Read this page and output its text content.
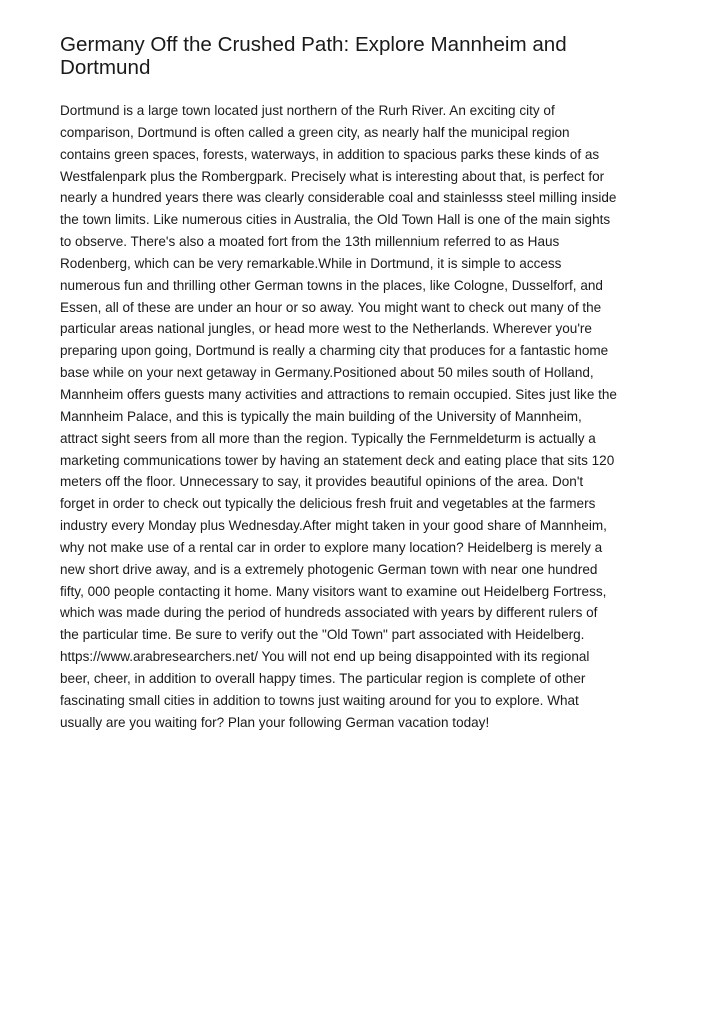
Germany Off the Crushed Path: Explore Mannheim and
Dortmund
Dortmund is a large town located just northern of the Rurh River. An exciting city of
comparison, Dortmund is often called a green city, as nearly half the municipal region
contains green spaces, forests, waterways, in addition to spacious parks these kinds of as
Westfalenpark plus the Rombergpark. Precisely what is interesting about that, is perfect for
nearly a hundred years there was clearly considerable coal and stainlesss steel milling inside
the town limits. Like numerous cities in Australia, the Old Town Hall is one of the main sights
to observe. There's also a moated fort from the 13th millennium referred to as Haus
Rodenberg, which can be very remarkable.While in Dortmund, it is simple to access
numerous fun and thrilling other German towns in the places, like Cologne, Dusselforf, and
Essen, all of these are under an hour or so away. You might want to check out many of the
particular areas national jungles, or head more west to the Netherlands. Wherever you're
preparing upon going, Dortmund is really a charming city that produces for a fantastic home
base while on your next getaway in Germany.Positioned about 50 miles south of Holland,
Mannheim offers guests many activities and attractions to remain occupied. Sites just like the
Mannheim Palace, and this is typically the main building of the University of Mannheim,
attract sight seers from all more than the region. Typically the Fernmeldeturm is actually a
marketing communications tower by having an statement deck and eating place that sits 120
meters off the floor. Unnecessary to say, it provides beautiful opinions of the area. Don't
forget in order to check out typically the delicious fresh fruit and vegetables at the farmers
industry every Monday plus Wednesday.After might taken in your good share of Mannheim,
why not make use of a rental car in order to explore many location? Heidelberg is merely a
new short drive away, and is a extremely photogenic German town with near one hundred
fifty, 000 people contacting it home. Many visitors want to examine out Heidelberg Fortress,
which was made during the period of hundreds associated with years by different rulers of
the particular time. Be sure to verify out the "Old Town" part associated with Heidelberg.
https://www.arabresearchers.net/ You will not end up being disappointed with its regional
beer, cheer, in addition to overall happy times. The particular region is complete of other
fascinating small cities in addition to towns just waiting around for you to explore. What
usually are you waiting for? Plan your following German vacation today!
